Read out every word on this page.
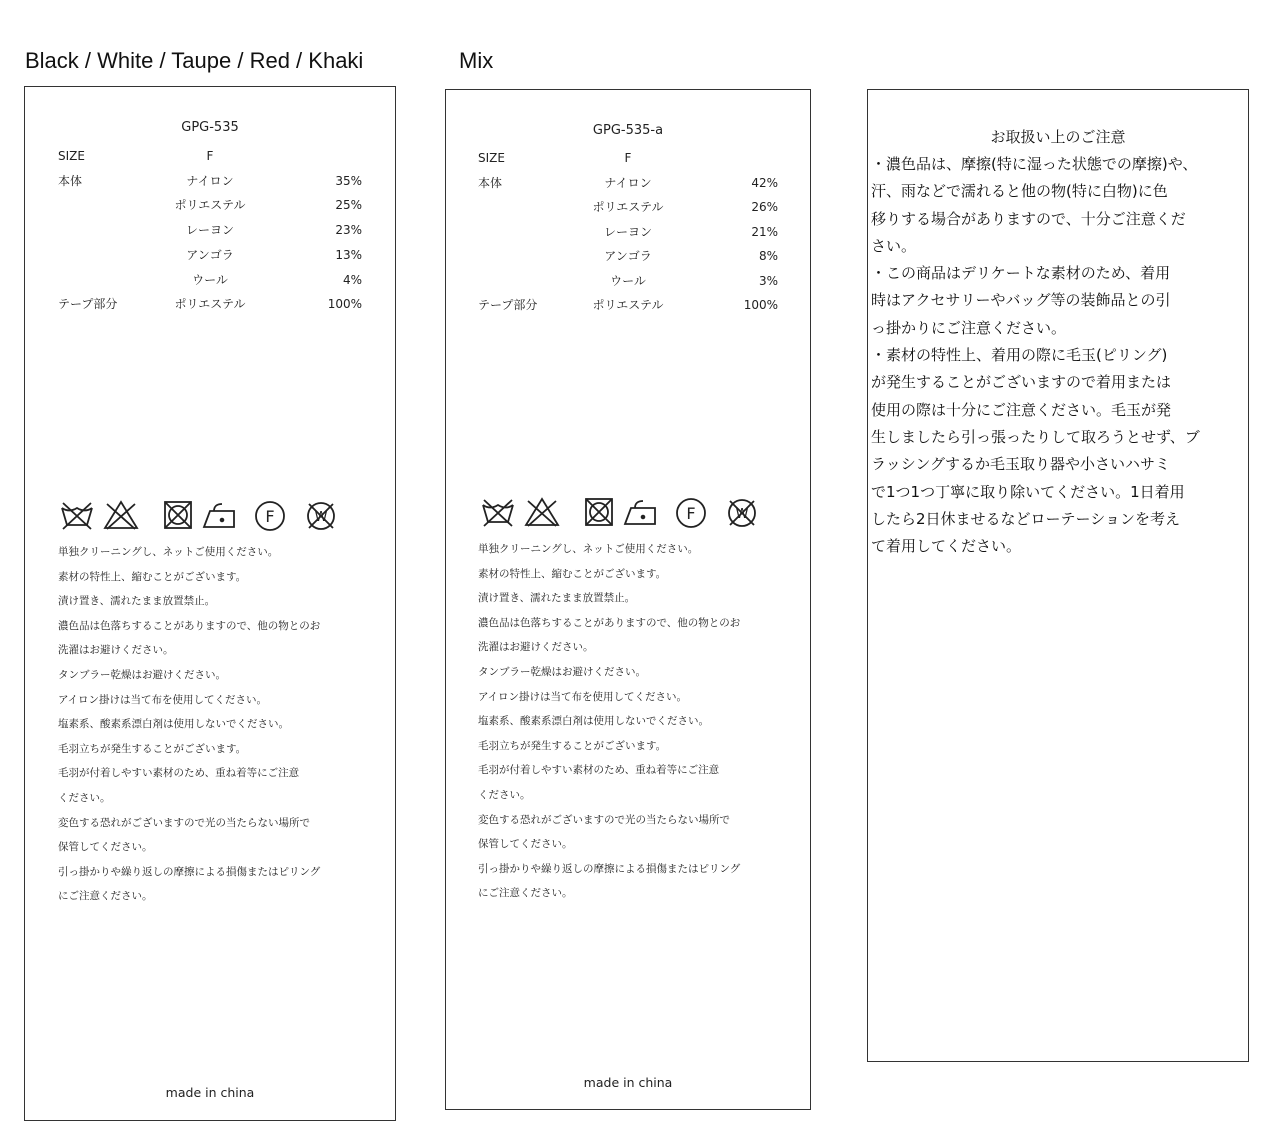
Black / White / Taupe / Red / Khaki	Mix
GPG-535
SIZE	F
本体	ナイロン	35%
ポリエステル	25%
レーヨン	23%
アンゴラ	13%
ウール	4%
テープ部分	ポリエステル	100%
F	W
単独クリーニングし、ネットご使用ください。
素材の特性上、縮むことがございます。
漬け置き、濡れたまま放置禁止。
濃色品は色落ちすることがありますので、他の物とのお
洗濯はお避けください。
タンブラー乾燥はお避けください。
アイロン掛けは当て布を使用してください。
塩素系、酸素系漂白剤は使用しないでください。
毛羽立ちが発生することがございます。
毛羽が付着しやすい素材のため、重ね着等にご注意
ください。
変色する恐れがございますので光の当たらない場所で
保管してください。
引っ掛かりや繰り返しの摩擦による損傷またはピリング
にご注意ください。
made in china
GPG-535-a
SIZE	F
本体	ナイロン	42%
ポリエステル	26%
レーヨン	21%
アンゴラ	8%
ウール	3%
テープ部分	ポリエステル	100%
F	W
単独クリーニングし、ネットご使用ください。
素材の特性上、縮むことがございます。
漬け置き、濡れたまま放置禁止。
濃色品は色落ちすることがありますので、他の物とのお
洗濯はお避けください。
タンブラー乾燥はお避けください。
アイロン掛けは当て布を使用してください。
塩素系、酸素系漂白剤は使用しないでください。
毛羽立ちが発生することがございます。
毛羽が付着しやすい素材のため、重ね着等にご注意
ください。
変色する恐れがございますので光の当たらない場所で
保管してください。
引っ掛かりや繰り返しの摩擦による損傷またはピリング
にご注意ください。
made in china
お取扱い上のご注意
・濃色品は、摩擦(特に湿った状態での摩擦)や、
汗、雨などで濡れると他の物(特に白物)に色
移りする場合がありますので、十分ご注意くだ
さい。
・この商品はデリケートな素材のため、着用
時はアクセサリーやバッグ等の装飾品との引
っ掛かりにご注意ください。
・素材の特性上、着用の際に毛玉(ピリング)
が発生することがございますので着用または
使用の際は十分にご注意ください。毛玉が発
生しましたら引っ張ったりして取ろうとせず、ブ
ラッシングするか毛玉取り器や小さいハサミ
で1つ1つ丁寧に取り除いてください。1日着用
したら2日休ませるなどローテーションを考え
て着用してください。
